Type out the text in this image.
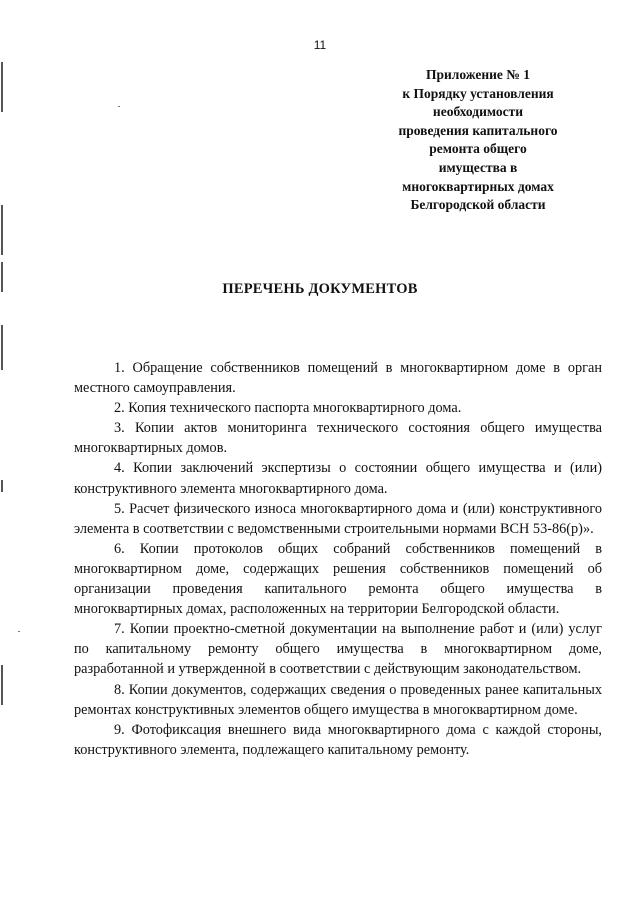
11
Приложение № 1
к Порядку установления
необходимости
проведения капитального
ремонта общего
имущества в
многоквартирных домах
Белгородской области
ПЕРЕЧЕНЬ ДОКУМЕНТОВ

1. Обращение собственников помещений в многоквартирном доме в орган местного самоуправления.

2. Копия технического паспорта многоквартирного дома.

3. Копии актов мониторинга технического состояния общего имущества многоквартирных домов.

4. Копии заключений экспертизы о состоянии общего имущества и (или) конструктивного элемента многоквартирного дома.

5. Расчет физического износа многоквартирного дома и (или) конструктивного элемента в соответствии с ведомственными строительными нормами ВСН 53-86(р)».

6. Копии протоколов общих собраний собственников помещений в многоквартирном доме, содержащих решения собственников помещений об организации проведения капитального ремонта общего имущества в многоквартирных домах, расположенных на территории Белгородской области.

7. Копии проектно-сметной документации на выполнение работ и (или) услуг по капитальному ремонту общего имущества в многоквартирном доме, разработанной и утвержденной в соответствии с действующим законодательством.

8. Копии документов, содержащих сведения о проведенных ранее капитальных ремонтах конструктивных элементов общего имущества в многоквартирном доме.

9. Фотофиксация внешнего вида многоквартирного дома с каждой стороны, конструктивного элемента, подлежащего капитальному ремонту.
